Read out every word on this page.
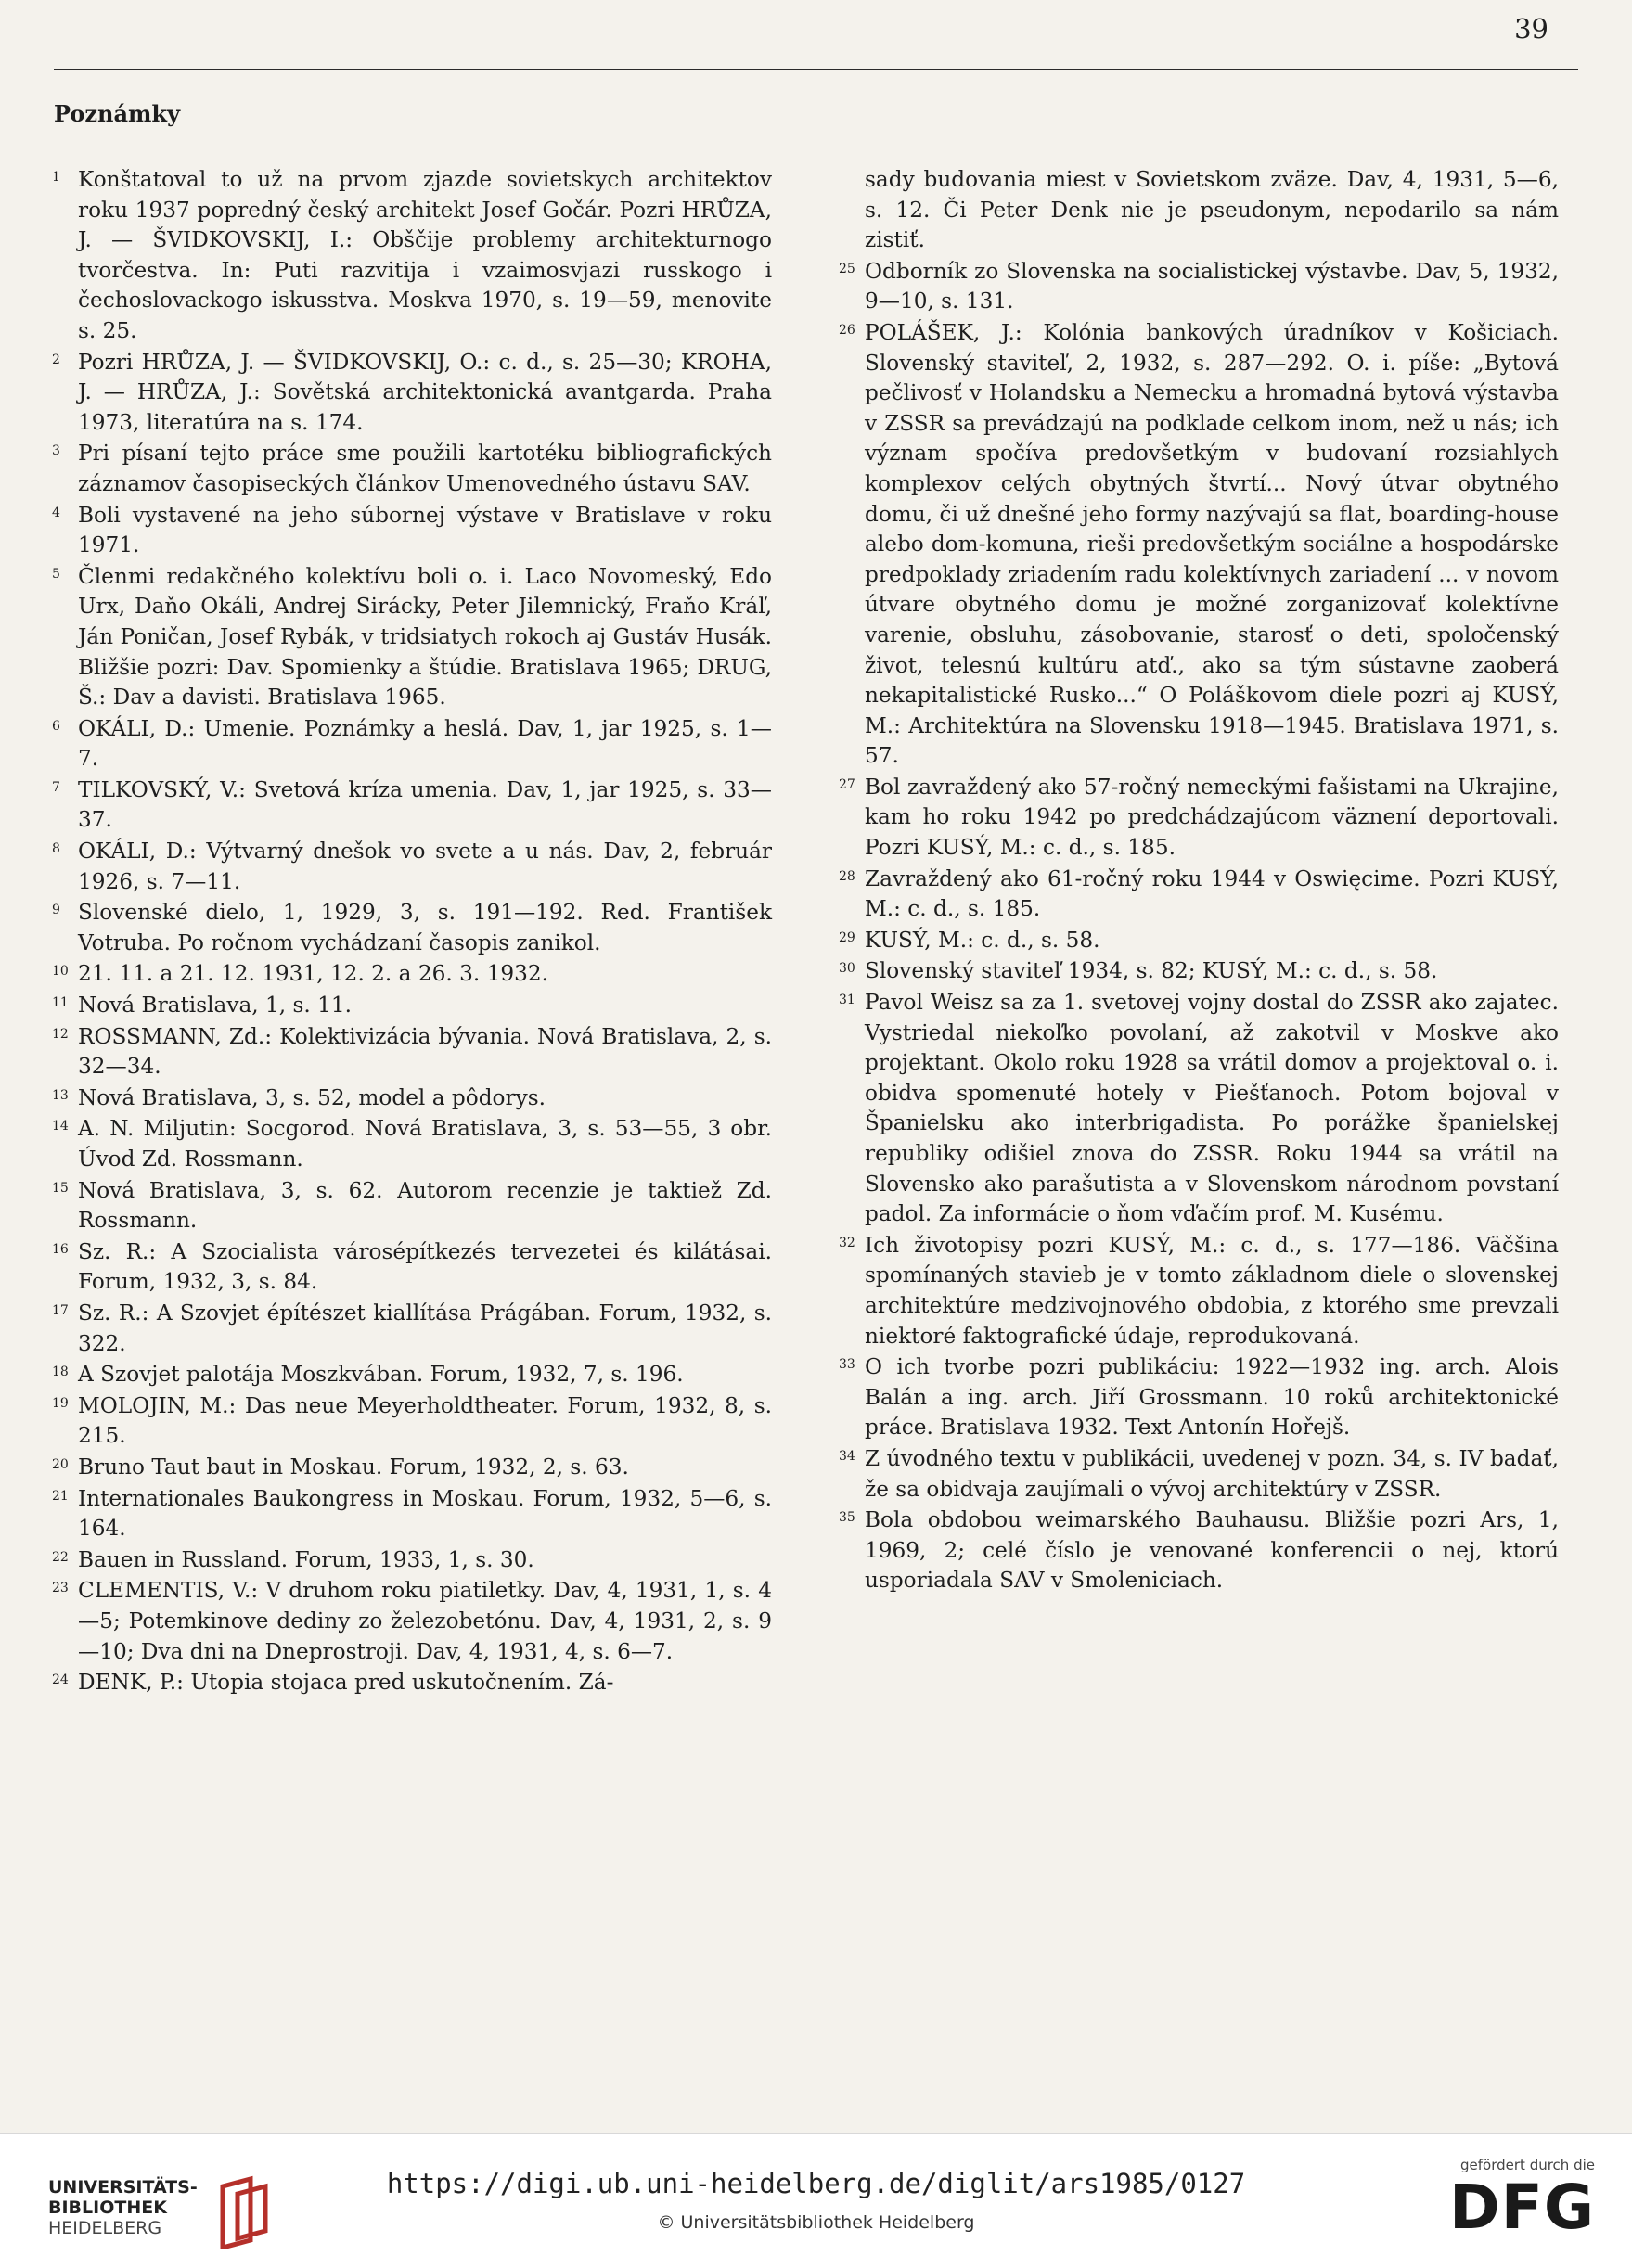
39
Poznámky
1 Konštatoval to už na prvom zjazde sovietskych architektov roku 1937 popredný český architekt Josef Gočár. Pozri HRŮZA, J. — ŠVIDKOVSKIJ, I.: Obščije problemy architekturnogo tvorčestva. In: Puti razvitija i vzaimosvjazi russkogo i čechoslovackogo iskusstva. Moskva 1970, s. 19—59, menovite s. 25.
2 Pozri HRŮZA, J. — ŠVIDKOVSKIJ, O.: c. d., s. 25—30; KROHA, J. — HRŮZA, J.: Sovětská architektonická avantgarda. Praha 1973, literatúra na s. 174.
3 Pri písaní tejto práce sme použili kartotéku bibliografických záznamov časopiseckých článkov Umenovedného ústavu SAV.
4 Boli vystavené na jeho súbornej výstave v Bratislave v roku 1971.
5 Členmi redakčného kolektívu boli o. i. Laco Novomeský, Edo Urx, Daňo Okáli, Andrej Sirácky, Peter Jilemnický, Fraňo Kráľ, Ján Poničan, Josef Rybák, v tridsiatych rokoch aj Gustáv Husák. Bližšie pozri: Dav. Spomienky a štúdie. Bratislava 1965; DRUG, Š.: Dav a davisti. Bratislava 1965.
6 OKÁLI, D.: Umenie. Poznámky a heslá. Dav, 1, jar 1925, s. 1—7.
7 TILKOVSKÝ, V.: Svetová kríza umenia. Dav, 1, jar 1925, s. 33—37.
8 OKÁLI, D.: Výtvarný dnešok vo svete a u nás. Dav, 2, február 1926, s. 7—11.
9 Slovenské dielo, 1, 1929, 3, s. 191—192. Red. František Votruba. Po ročnom vychádzaní časopis zanikol.
10 21. 11. a 21. 12. 1931, 12. 2. a 26. 3. 1932.
11 Nová Bratislava, 1, s. 11.
12 ROSSMANN, Zd.: Kolektivizácia bývania. Nová Bratislava, 2, s. 32—34.
13 Nová Bratislava, 3, s. 52, model a pôdorys.
14 A. N. Miljutin: Socgorod. Nová Bratislava, 3, s. 53—55, 3 obr. Úvod Zd. Rossmann.
15 Nová Bratislava, 3, s. 62. Autorom recenzie je taktiež Zd. Rossmann.
16 Sz. R.: A Szocialista városépítkezés tervezetei és kilátásai. Forum, 1932, 3, s. 84.
17 Sz. R.: A Szovjet építészet kiallítása Prágában. Forum, 1932, s. 322.
18 A Szovjet palotája Moszkvában. Forum, 1932, 7, s. 196.
19 MOLOJIN, M.: Das neue Meyerholdtheater. Forum, 1932, 8, s. 215.
20 Bruno Taut baut in Moskau. Forum, 1932, 2, s. 63.
21 Internationales Baukongress in Moskau. Forum, 1932, 5—6, s. 164.
22 Bauen in Russland. Forum, 1933, 1, s. 30.
23 CLEMENTIS, V.: V druhom roku piatiletky. Dav, 4, 1931, 1, s. 4—5; Potemkinove dediny zo železobetónu. Dav, 4, 1931, 2, s. 9—10; Dva dni na Dneprostroji. Dav, 4, 1931, 4, s. 6—7.
24 DENK, P.: Utopia stojaca pred uskutočnením. Zá-
sady budovania miest v Sovietskom zväze. Dav, 4, 1931, 5—6, s. 12. Či Peter Denk nie je pseudonym, nepodarilo sa nám zistiť.
25 Odborník zo Slovenska na socialistickej výstavbe. Dav, 5, 1932, 9—10, s. 131.
26 POLÁŠEK, J.: Kolónia bankových úradníkov v Košiciach. Slovenský staviteľ, 2, 1932, s. 287—292. O. i. píše: „Bytová pečlivosť v Holandsku a Nemecku a hromadná bytová výstavba v ZSSR sa prevádzajú na podklade celkom inom, než u nás; ich význam spočíva predovšetkým v budovaní rozsiahlych komplexov celých obytných štvrtí... Nový útvar obytného domu, či už dnešné jeho formy nazývajú sa flat, boarding-house alebo dom-komuna, rieši predovšetkým sociálne a hospodárske predpoklady zriadením radu kolektívnych zariadení ... v novom útvare obytného domu je možné zorganizovať kolektívne varenie, obsluhu, zásobovanie, starosť o deti, spoločenský život, telesnú kultúru atď., ako sa tým sústavne zaoberá nekapitalistické Rusko...“ O Poláškovom diele pozri aj KUSÝ, M.: Architektúra na Slovensku 1918—1945. Bratislava 1971, s. 57.
27 Bol zavraždený ako 57-ročný nemeckými fašistami na Ukrajine, kam ho roku 1942 po predchádzajúcom väznení deportovali. Pozri KUSÝ, M.: c. d., s. 185.
28 Zavraždený ako 61-ročný roku 1944 v Oswięcime. Pozri KUSÝ, M.: c. d., s. 185.
29 KUSÝ, M.: c. d., s. 58.
30 Slovenský staviteľ 1934, s. 82; KUSÝ, M.: c. d., s. 58.
31 Pavol Weisz sa za 1. svetovej vojny dostal do ZSSR ako zajatec. Vystriedal niekoľko povolaní, až zakotvil v Moskve ako projektant. Okolo roku 1928 sa vrátil domov a projektoval o. i. obidva spomenuté hotely v Piešťanoch. Potom bojoval v Španielsku ako interbrigadista. Po porážke španielskej republiky odišiel znova do ZSSR. Roku 1944 sa vrátil na Slovensko ako parašutista a v Slovenskom národnom povstaní padol. Za informácie o ňom vďačím prof. M. Kusému.
32 Ich životopisy pozri KUSÝ, M.: c. d., s. 177—186. Väčšina spomínaných stavieb je v tomto základnom diele o slovenskej architektúre medzivojnového obdobia, z ktorého sme prevzali niektoré faktografické údaje, reprodukovaná.
33 O ich tvorbe pozri publikáciu: 1922—1932 ing. arch. Alois Balán a ing. arch. Jiří Grossmann. 10 roků architektonické práce. Bratislava 1932. Text Antonín Hořejš.
34 Z úvodného textu v publikácii, uvedenej v pozn. 34, s. IV badať, že sa obidvaja zaujímali o vývoj architektúry v ZSSR.
35 Bola obdobou weimarského Bauhausu. Bližšie pozri Ars, 1, 1969, 2; celé číslo je venované konferencii o nej, ktorú usporiadala SAV v Smoleniciach.
UNIVERSITÄTS-
BIBLIOTHEK
HEIDELBERG
https://digi.ub.uni-heidelberg.de/diglit/ars1985/0127
© Universitätsbibliothek Heidelberg
gefördert durch die
DFG
